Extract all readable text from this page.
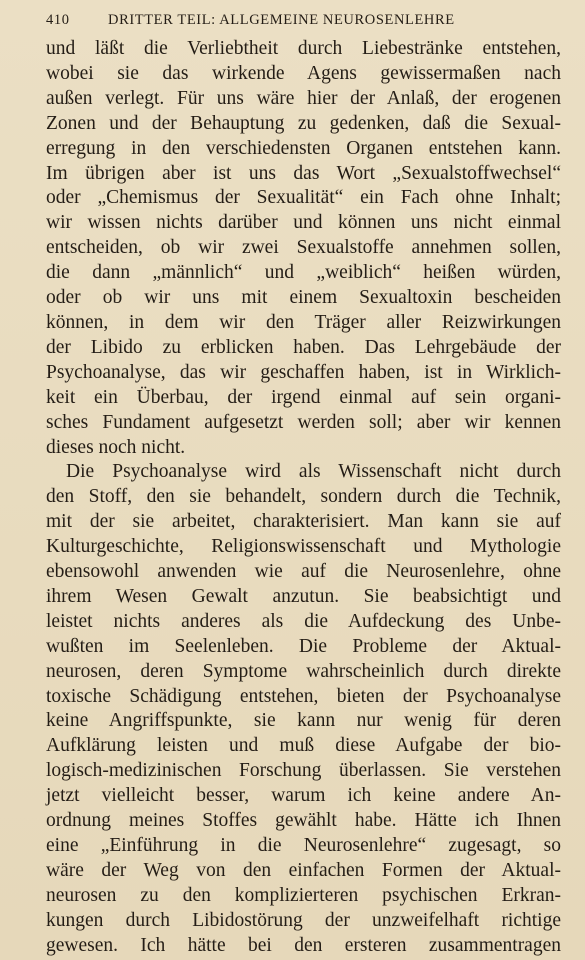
410	DRITTER TEIL: ALLGEMEINE NEUROSENLEHRE
und läßt die Verliebtheit durch Liebestränke entstehen,
wobei sie das wirkende Agens gewissermaßen nach
außen verlegt. Für uns wäre hier der Anlaß, der erogenen
Zonen und der Behauptung zu gedenken, daß die Sexual-
erregung in den verschiedensten Organen entstehen kann.
Im übrigen aber ist uns das Wort „Sexualstoffwechsel“
oder „Chemismus der Sexualität“ ein Fach ohne Inhalt;
wir wissen nichts darüber und können uns nicht einmal
entscheiden, ob wir zwei Sexualstoffe annehmen sollen,
die dann „männlich“ und „weiblich“ heißen würden,
oder ob wir uns mit einem Sexualtoxin bescheiden
können, in dem wir den Träger aller Reizwirkungen
der Libido zu erblicken haben. Das Lehrgebäude der
Psychoanalyse, das wir geschaffen haben, ist in Wirklich-
keit ein Überbau, der irgend einmal auf sein organi-
sches Fundament aufgesetzt werden soll; aber wir kennen
dieses noch nicht.
Die Psychoanalyse wird als Wissenschaft nicht durch
den Stoff, den sie behandelt, sondern durch die Technik,
mit der sie arbeitet, charakterisiert. Man kann sie auf
Kulturgeschichte, Religionswissenschaft und Mythologie
ebensowohl anwenden wie auf die Neurosenlehre, ohne
ihrem Wesen Gewalt anzutun. Sie beabsichtigt und
leistet nichts anderes als die Aufdeckung des Unbe-
wußten im Seelenleben. Die Probleme der Aktual-
neurosen, deren Symptome wahrscheinlich durch direkte
toxische Schädigung entstehen, bieten der Psychoanalyse
keine Angriffspunkte, sie kann nur wenig für deren
Aufklärung leisten und muß diese Aufgabe der bio-
logisch-medizinischen Forschung überlassen. Sie verstehen
jetzt vielleicht besser, warum ich keine andere An-
ordnung meines Stoffes gewählt habe. Hätte ich Ihnen
eine „Einführung in die Neurosenlehre“ zugesagt, so
wäre der Weg von den einfachen Formen der Aktual-
neurosen zu den komplizierteren psychischen Erkran-
kungen durch Libidostörung der unzweifelhaft richtige
gewesen. Ich hätte bei den ersteren zusammentragen
